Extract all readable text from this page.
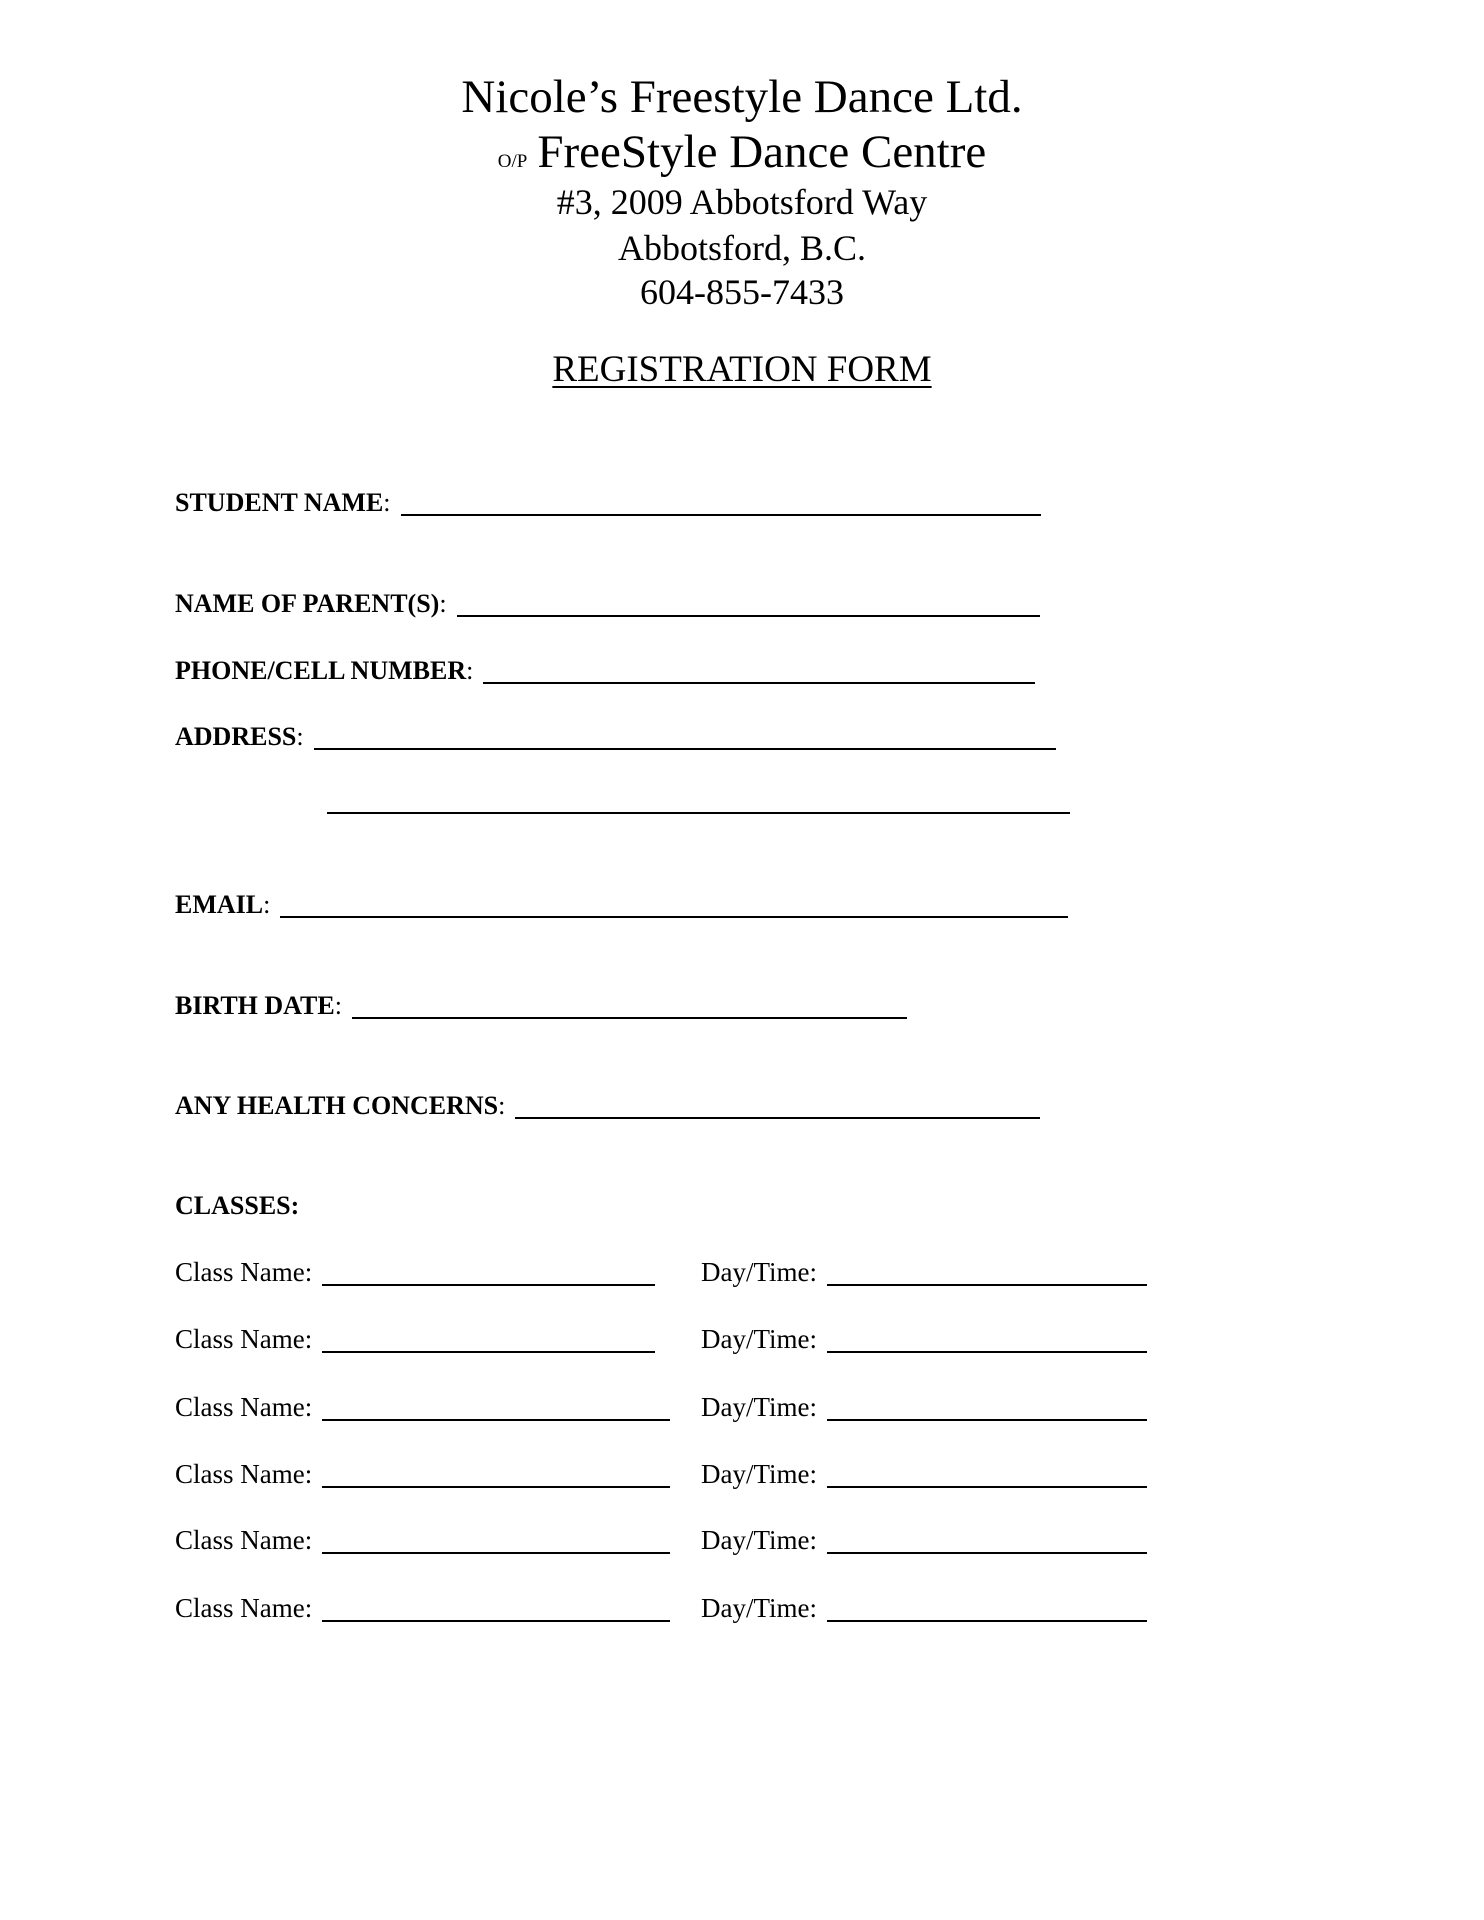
Nicole’s Freestyle Dance Ltd.
O/P FreeStyle Dance Centre
#3, 2009 Abbotsford Way
Abbotsford, B.C.
604-855-7433
REGISTRATION FORM
STUDENT NAME :
NAME OF PARENT(S) :
PHONE/CELL NUMBER :
ADDRESS :
EMAIL :
BIRTH DATE :
ANY HEALTH CONCERNS :
CLASSES:
Class Name:	Day/Time:
Class Name:	Day/Time:
Class Name:	Day/Time:
Class Name:	Day/Time:
Class Name:	Day/Time:
Class Name:	Day/Time:
